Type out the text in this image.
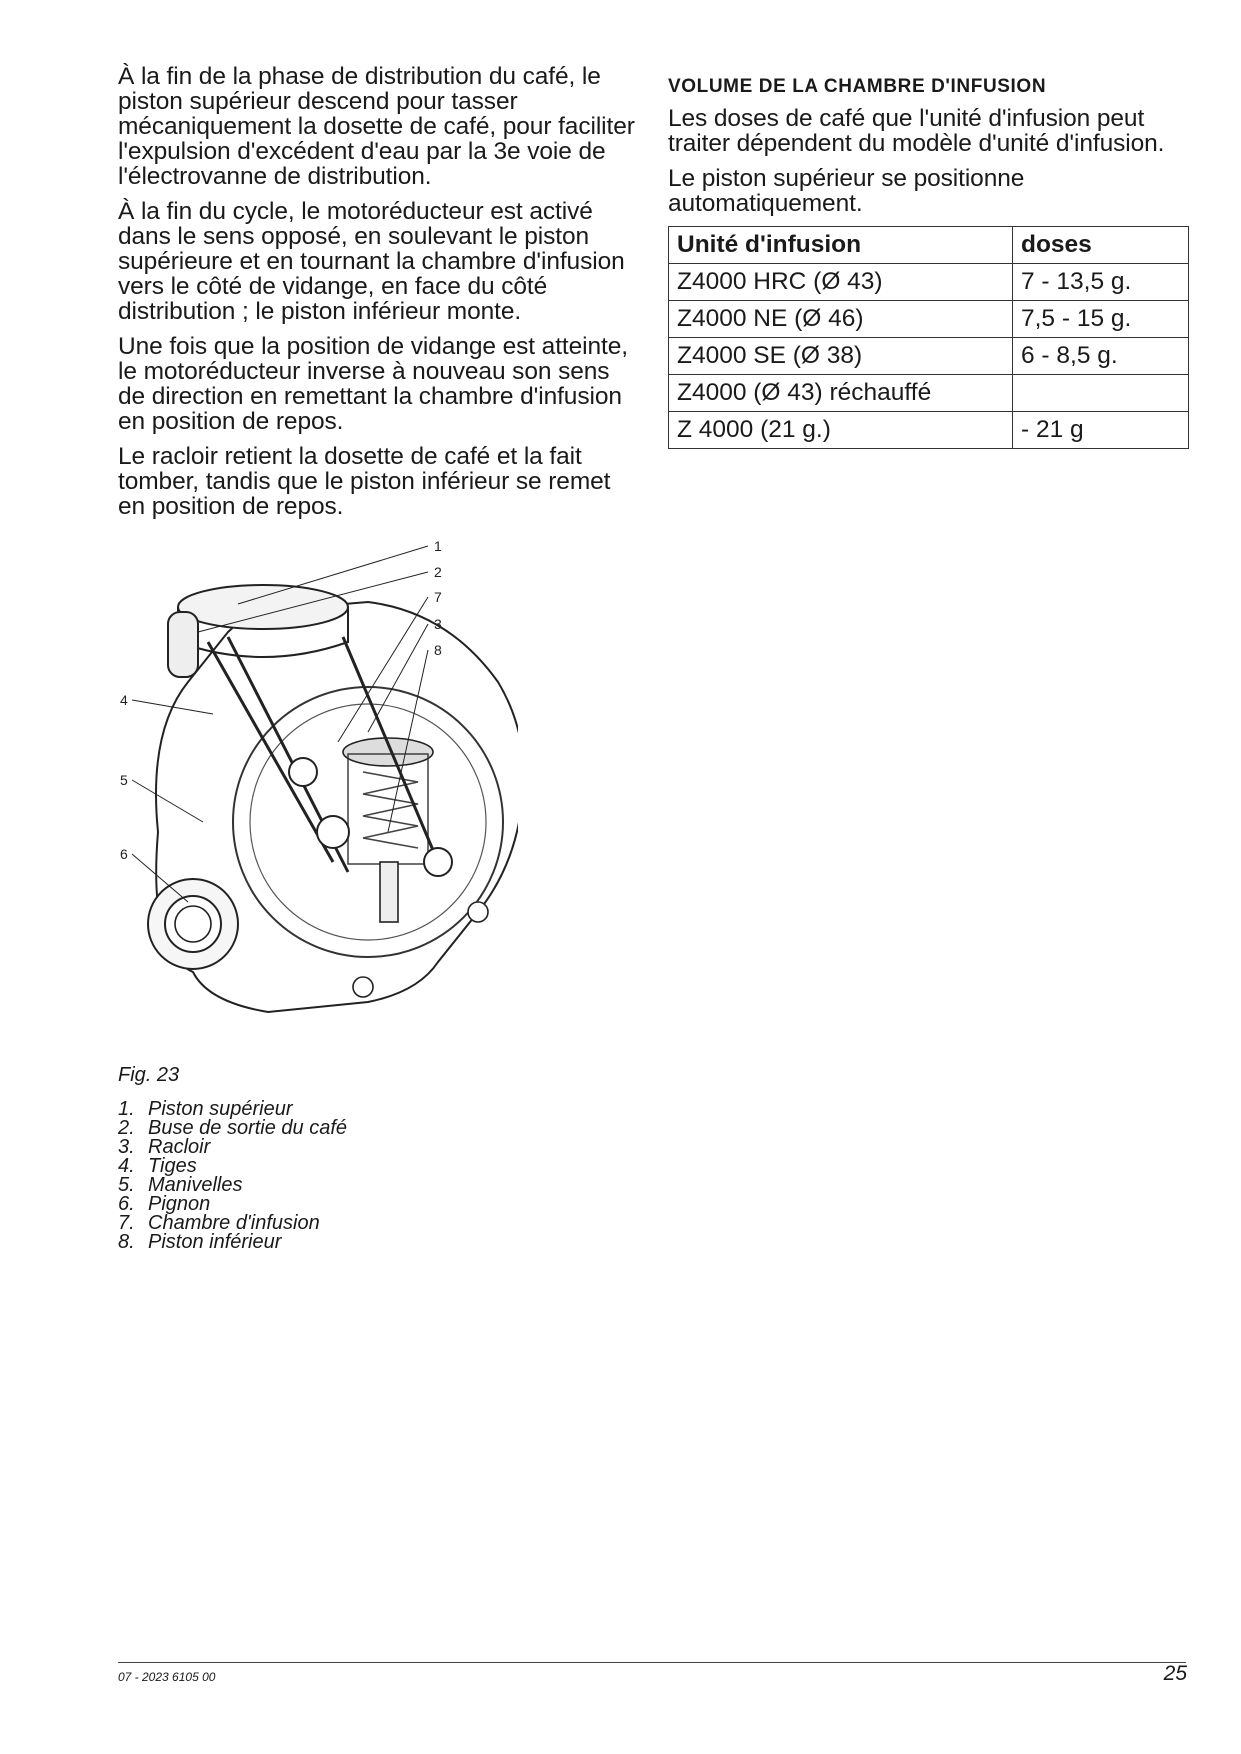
À la fin de la phase de distribution du café, le piston supérieur descend pour tasser mécaniquement la dosette de café, pour faciliter l'expulsion d'excédent d'eau par la 3e voie de l'électrovanne de distribution.

À la fin du cycle, le motoréducteur est activé dans le sens opposé, en soulevant le piston supérieure et en tournant la chambre d'infusion vers le côté de vidange, en face du côté distribution ; le piston inférieur monte.

Une fois que la position de vidange est atteinte, le motoréducteur inverse à nouveau son sens de direction en remettant la chambre d'infusion en position de repos.

Le racloir retient la dosette de café et la fait tomber, tandis que le piston inférieur se remet en position de repos.

1
2
7
3
8
4
5
6
Fig. 23
1. Piston supérieur
2. Buse de sortie du café
3. Racloir
4. Tiges
5. Manivelles
6. Pignon
7. Chambre d'infusion
8. Piston inférieur
VOLUME DE LA CHAMBRE D'INFUSION

Les doses de café que l'unité d'infusion peut traiter dépendent du modèle d'unité d'infusion.

Le piston supérieur se positionne automatiquement.

Unité d'infusion	doses
Z4000 HRC (Ø 43)	7 - 13,5 g.
Z4000 NE (Ø 46)	7,5 - 15 g.
Z4000 SE (Ø 38)	6 - 8,5 g.
Z4000 (Ø 43) réchauffé	
Z 4000 (21 g.)	- 21 g
07 - 2023 6105 00	25
